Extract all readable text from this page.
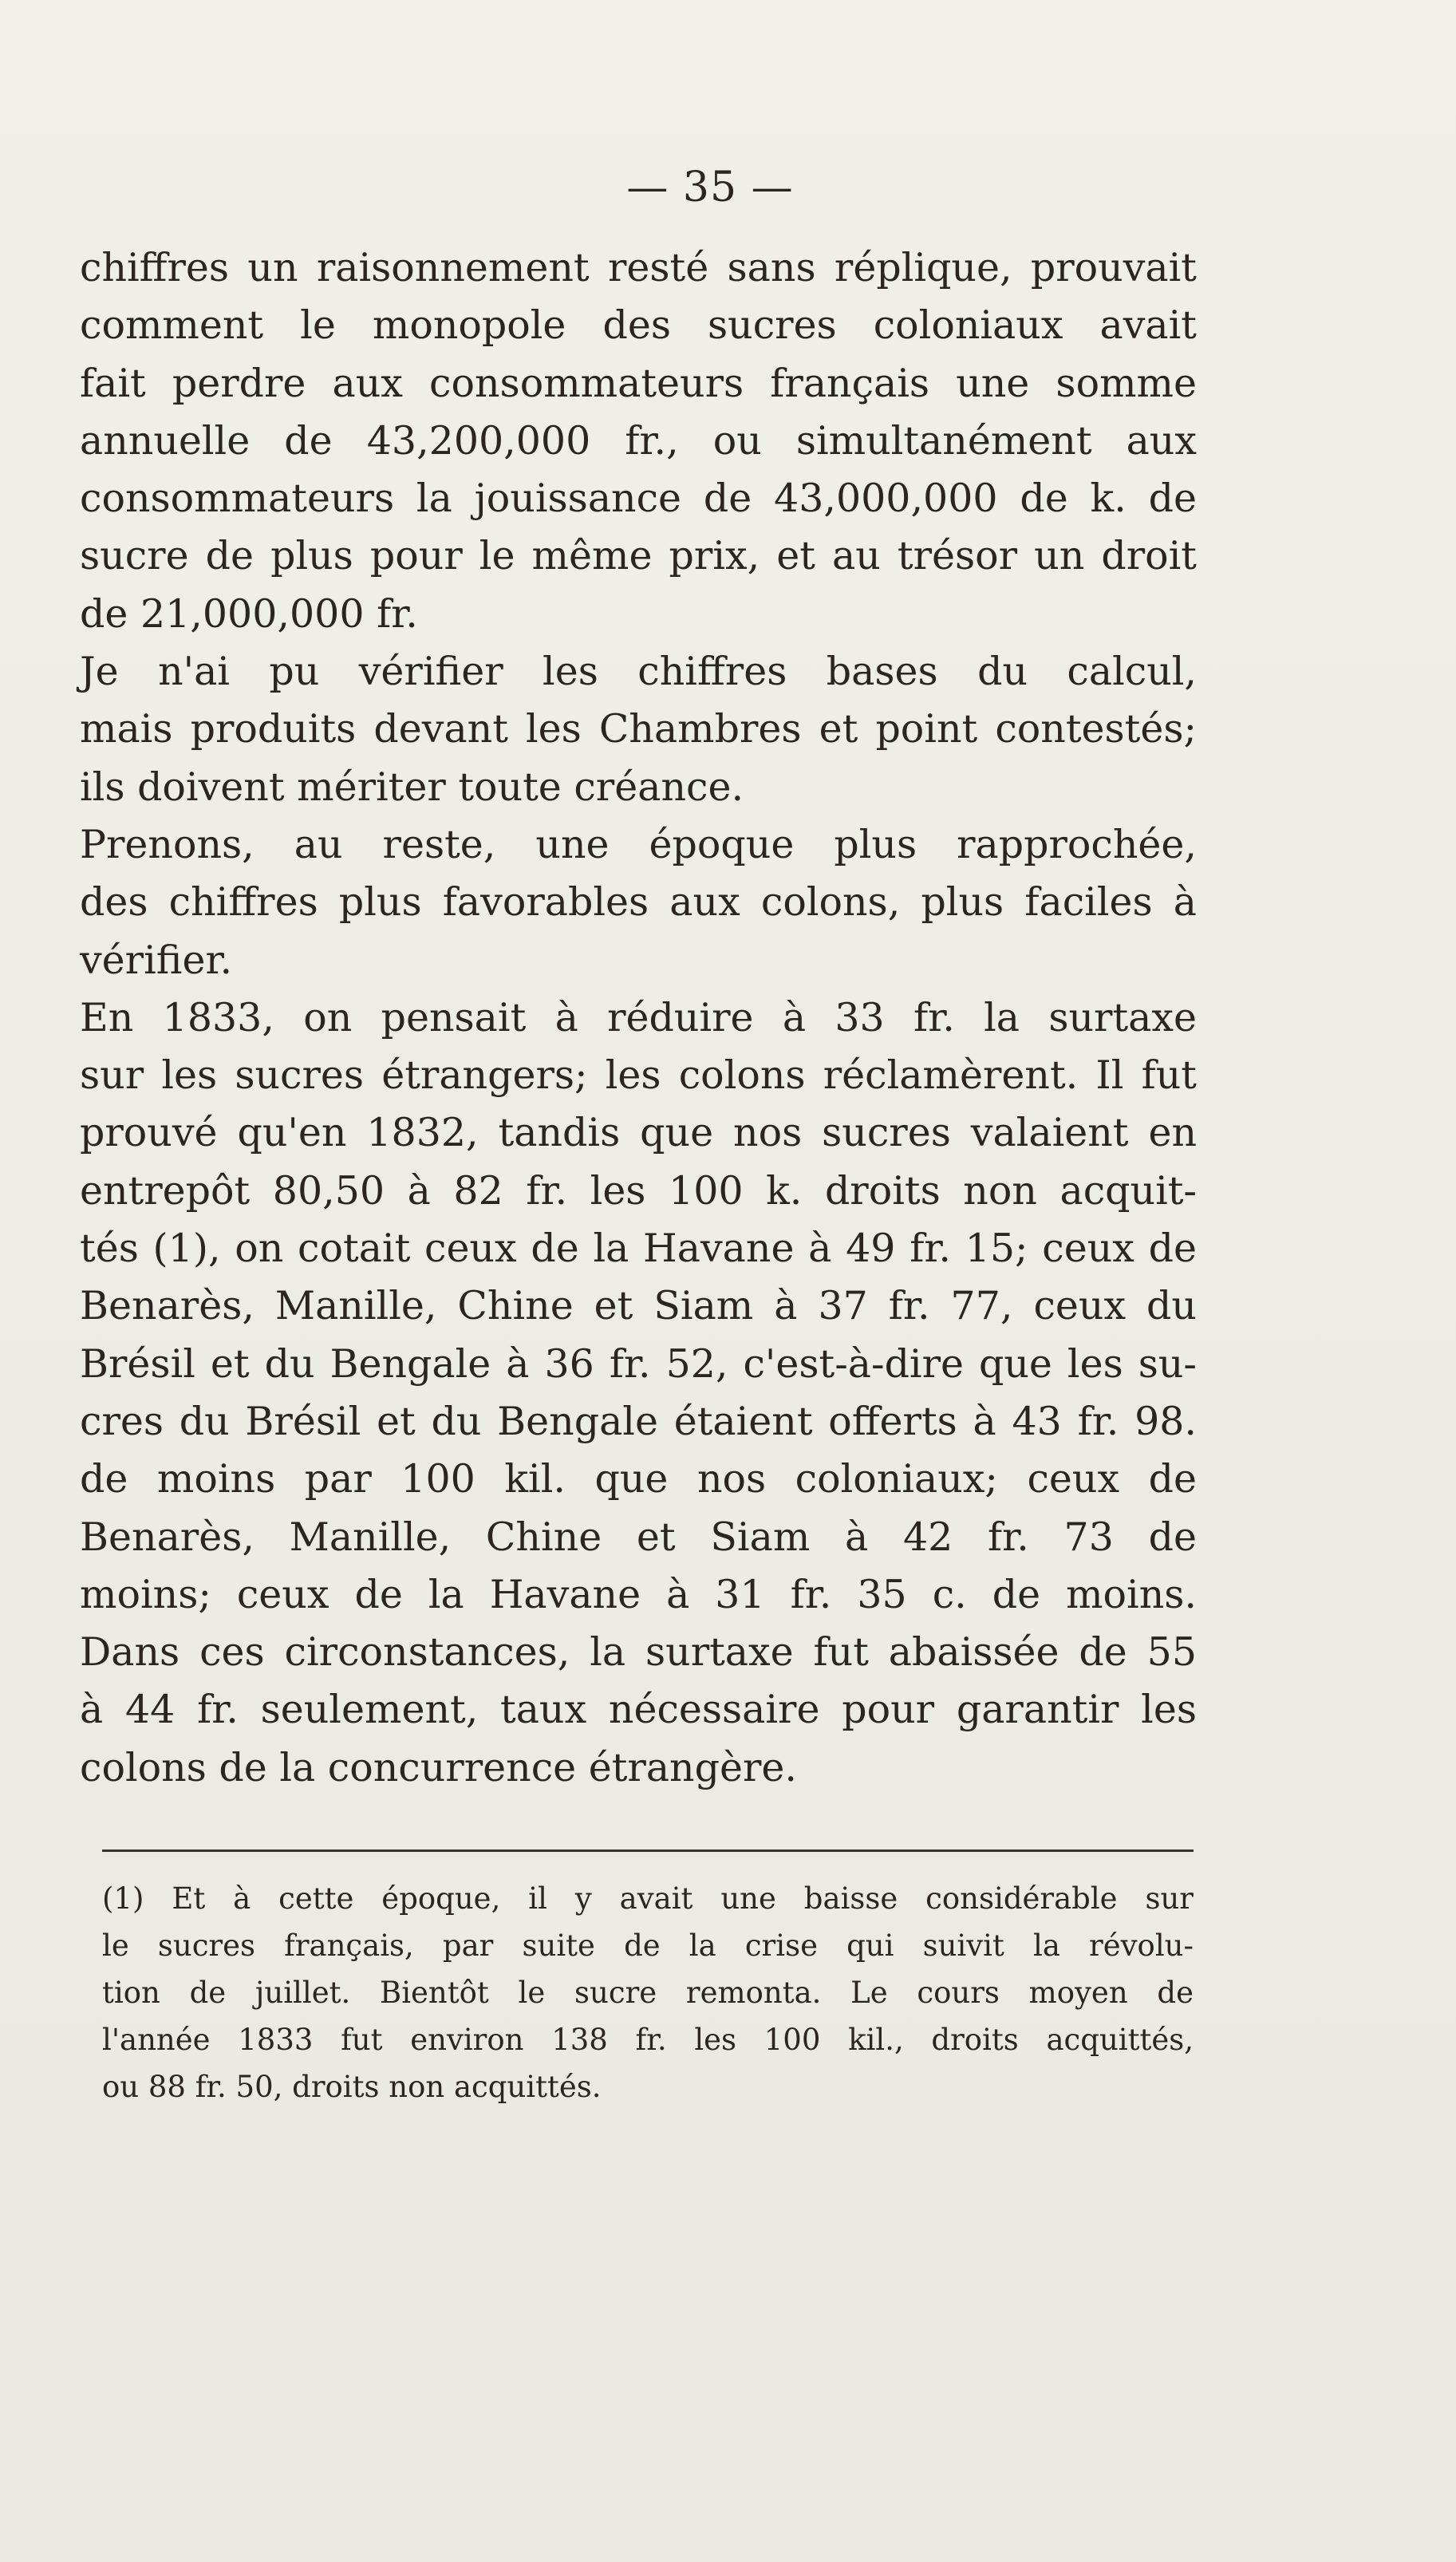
— 35 —
chiffres un raisonnement resté sans réplique, prouvait
comment le monopole des sucres coloniaux avait
fait perdre aux consommateurs français une somme
annuelle de 43,200,000 fr., ou simultanément aux
consommateurs la jouissance de 43,000,000 de k. de
sucre de plus pour le même prix, et au trésor un droit
de 21,000,000 fr.
Je n'ai pu vérifier les chiffres bases du calcul,
mais produits devant les Chambres et point contestés;
ils doivent mériter toute créance.
Prenons, au reste, une époque plus rapprochée,
des chiffres plus favorables aux colons, plus faciles à
vérifier.
En 1833, on pensait à réduire à 33 fr. la surtaxe
sur les sucres étrangers; les colons réclamèrent. Il fut
prouvé qu'en 1832, tandis que nos sucres valaient en
entrepôt 80,50 à 82 fr. les 100 k. droits non acquit-
tés (1), on cotait ceux de la Havane à 49 fr. 15; ceux de
Benarès, Manille, Chine et Siam à 37 fr. 77, ceux du
Brésil et du Bengale à 36 fr. 52, c'est-à-dire que les su-
cres du Brésil et du Bengale étaient offerts à 43 fr. 98.
de moins par 100 kil. que nos coloniaux; ceux de
Benarès, Manille, Chine et Siam à 42 fr. 73 de
moins; ceux de la Havane à 31 fr. 35 c. de moins.
Dans ces circonstances, la surtaxe fut abaissée de 55
à 44 fr. seulement, taux nécessaire pour garantir les
colons de la concurrence étrangère.
(1) Et à cette époque, il y avait une baisse considérable sur
le sucres français, par suite de la crise qui suivit la révolu-
tion de juillet. Bientôt le sucre remonta. Le cours moyen de
l'année 1833 fut environ 138 fr. les 100 kil., droits acquittés,
ou 88 fr. 50, droits non acquittés.
